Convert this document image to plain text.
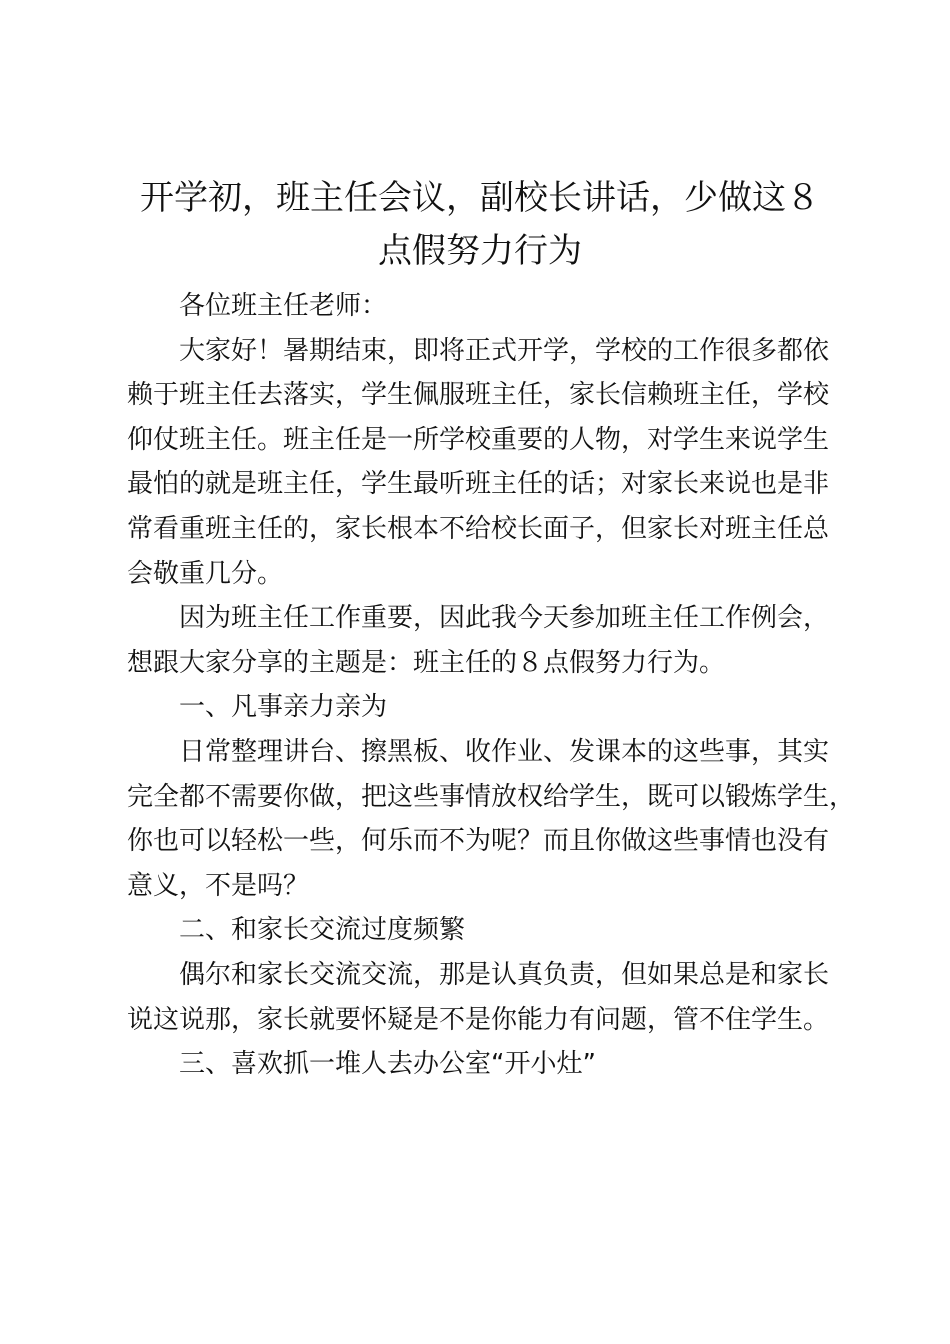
开学初，班主任会议，副校长讲话，少做这８
点假努力行为

各位班主任老师：

大家好！暑期结束，即将正式开学，学校的工作很多都依
赖于班主任去落实，学生佩服班主任，家长信赖班主任，学校
仰仗班主任。班主任是一所学校重要的人物，对学生来说学生
最怕的就是班主任，学生最听班主任的话；对家长来说也是非
常看重班主任的，家长根本不给校长面子，但家长对班主任总
会敬重几分。

因为班主任工作重要，因此我今天参加班主任工作例会，
想跟大家分享的主题是：班主任的８点假努力行为。

一、凡事亲力亲为

日常整理讲台、擦黑板、收作业、发课本的这些事，其实
完全都不需要你做，把这些事情放权给学生，既可以锻炼学生，
你也可以轻松一些，何乐而不为呢？而且你做这些事情也没有
意义，不是吗？

二、和家长交流过度频繁

偶尔和家长交流交流，那是认真负责，但如果总是和家长
说这说那，家长就要怀疑是不是你能力有问题，管不住学生。

三、喜欢抓一堆人去办公室“开小灶”
